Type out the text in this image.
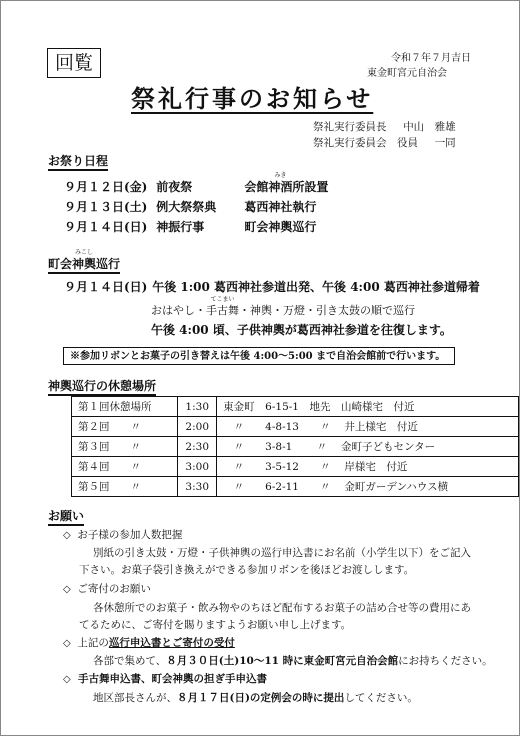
回覧	令和７年７月吉日
東金町宮元自治会
祭礼行事のお知らせ
祭礼実行委員長 中山　雅雄
祭礼実行委員会　役員 一同
お祭り日程
９月１２日(金) 前夜祭	会館神酒
みき
所設置
９月１３日(土) 例大祭祭典 葛西神社執行
９月１４日(日) 神振行事	町会神輿巡行
町会神輿
みこし
巡行
９月１４日(日) 午後 1:00 葛西神社参道出発、午後 4:00 葛西神社参道帰着
おはやし・手古舞
てこまい
・神輿・万燈・引き太鼓の順で巡行
午後 4:00 頃、子供神輿が葛西神社参道を往復します。
※参加リボンとお菓子の引き替えは午後 4:00～5:00 まで自治会館前で行います。
神輿巡行の休憩場所
第１回休憩場所	1:30	東金町　6-15-1　地先　山崎様宅　付近
第２回　　〃	2:00	　〃　　4-8-13　　〃　 井上様宅　付近
第３回　　〃	2:30	　〃　　3-8-1　　 〃　 金町子どもセンター
第４回　　〃	3:00	　〃　　3-5-12　　〃　 岸様宅　付近
第５回　　〃	3:30	　〃　　6-2-11　　〃　 金町ガーデンハウス横
お願い
◇ お子様の参加人数把握
別紙の引き太鼓・万燈・子供神輿の巡行申込書にお名前（小学生以下）をご記入
下さい。お菓子袋引き換えができる参加リボンを後ほどお渡しします。
◇ ご寄付のお願い
各休憩所でのお菓子・飲み物やのちほど配布するお菓子の詰め合せ等の費用にあ
てるために、ご寄付を賜りますようお願い申し上げます。
◇ 上記の巡行申込書とご寄付の受付
各部で集めて、８月３０日(土)10～11 時に東金町宮元自治会館にお持ちください。
◇ 手古舞申込書、町会神輿の担ぎ手申込書
地区部長さんが、８月１７日(日)の定例会の時に提出してください。
